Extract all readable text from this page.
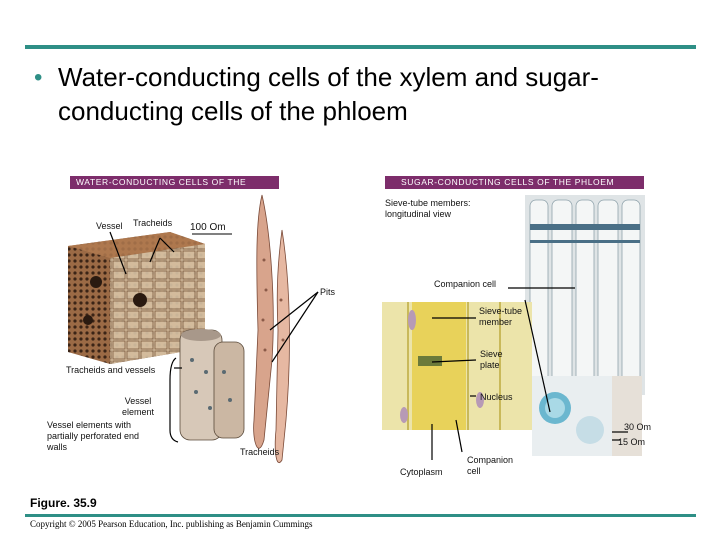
• Water-conducting cells of the xylem and sugar-conducting cells of the phloem
WATER-CONDUCTING CELLS OF THE XYLEM
SUGAR-CONDUCTING CELLS OF THE PHLOEM
Vessel Tracheids 100 Om
Pits
Tracheids and vessels
Vessel element
Vessel elements with partially perforated end walls	Tracheids
Sieve-tube members: longitudinal view
Companion cell
Sieve-tube member
Sieve plate
Nucleus
Cytoplasm
Companion cell
30 Om
15 Om
Figure. 35.9
Copyright © 2005 Pearson Education, Inc. publishing as Benjamin Cummings
